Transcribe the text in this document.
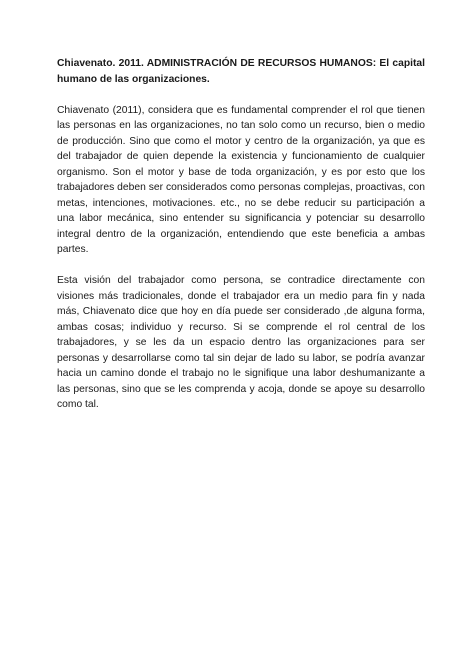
Chiavenato. 2011. ADMINISTRACIÓN DE RECURSOS HUMANOS: El capital humano de las organizaciones.

Chiavenato (2011), considera que es fundamental comprender el rol que tienen las personas en las organizaciones, no tan solo como un recurso, bien o medio de producción. Sino que como el motor y centro de la organización, ya que es del trabajador de quien depende la existencia y funcionamiento de cualquier organismo. Son el motor y base de toda organización, y es por esto que los trabajadores deben ser considerados como personas complejas, proactivas, con metas, intenciones, motivaciones. etc., no se debe reducir su participación a una labor mecánica, sino entender su significancia y potenciar su desarrollo integral dentro de la organización, entendiendo que este beneficia a ambas partes.

Esta visión del trabajador como persona, se contradice directamente con visiones más tradicionales, donde el trabajador era un medio para fin y nada más, Chiavenato dice que hoy en día puede ser considerado ,de alguna forma, ambas cosas; individuo y recurso. Si se comprende el rol central de los trabajadores, y se les da un espacio dentro las organizaciones para ser personas y desarrollarse como tal sin dejar de lado su labor, se podría avanzar hacia un camino donde el trabajo no le signifique una labor deshumanizante a las personas, sino que se les comprenda y acoja, donde se apoye su desarrollo como tal.
